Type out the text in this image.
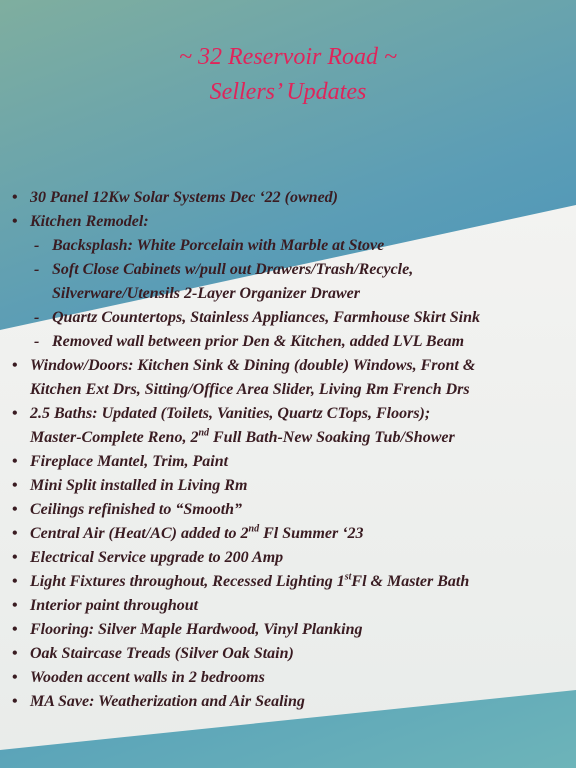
~ 32 Reservoir Road ~
Sellers’ Updates
• 30 Panel 12Kw Solar Systems Dec ‘22 (owned)
• Kitchen Remodel:
- Backsplash: White Porcelain with Marble at Stove
- Soft Close Cabinets w/pull out Drawers/Trash/Recycle,
Silverware/Utensils 2-Layer Organizer Drawer
- Quartz Countertops, Stainless Appliances, Farmhouse Skirt Sink
- Removed wall between prior Den & Kitchen, added LVL Beam
• Window/Doors: Kitchen Sink & Dining (double) Windows, Front &
Kitchen Ext Drs, Sitting/Office Area Slider, Living Rm French Drs
• 2.5 Baths: Updated (Toilets, Vanities, Quartz CTops, Floors);
Master-Complete Reno, 2nd Full Bath-New Soaking Tub/Shower
• Fireplace Mantel, Trim, Paint
• Mini Split installed in Living Rm
• Ceilings refinished to “Smooth”
• Central Air (Heat/AC) added to 2nd Fl Summer ‘23
• Electrical Service upgrade to 200 Amp
• Light Fixtures throughout, Recessed Lighting 1stFl & Master Bath
• Interior paint throughout
• Flooring: Silver Maple Hardwood, Vinyl Planking
• Oak Staircase Treads (Silver Oak Stain)
• Wooden accent walls in 2 bedrooms
• MA Save: Weatherization and Air Sealing
